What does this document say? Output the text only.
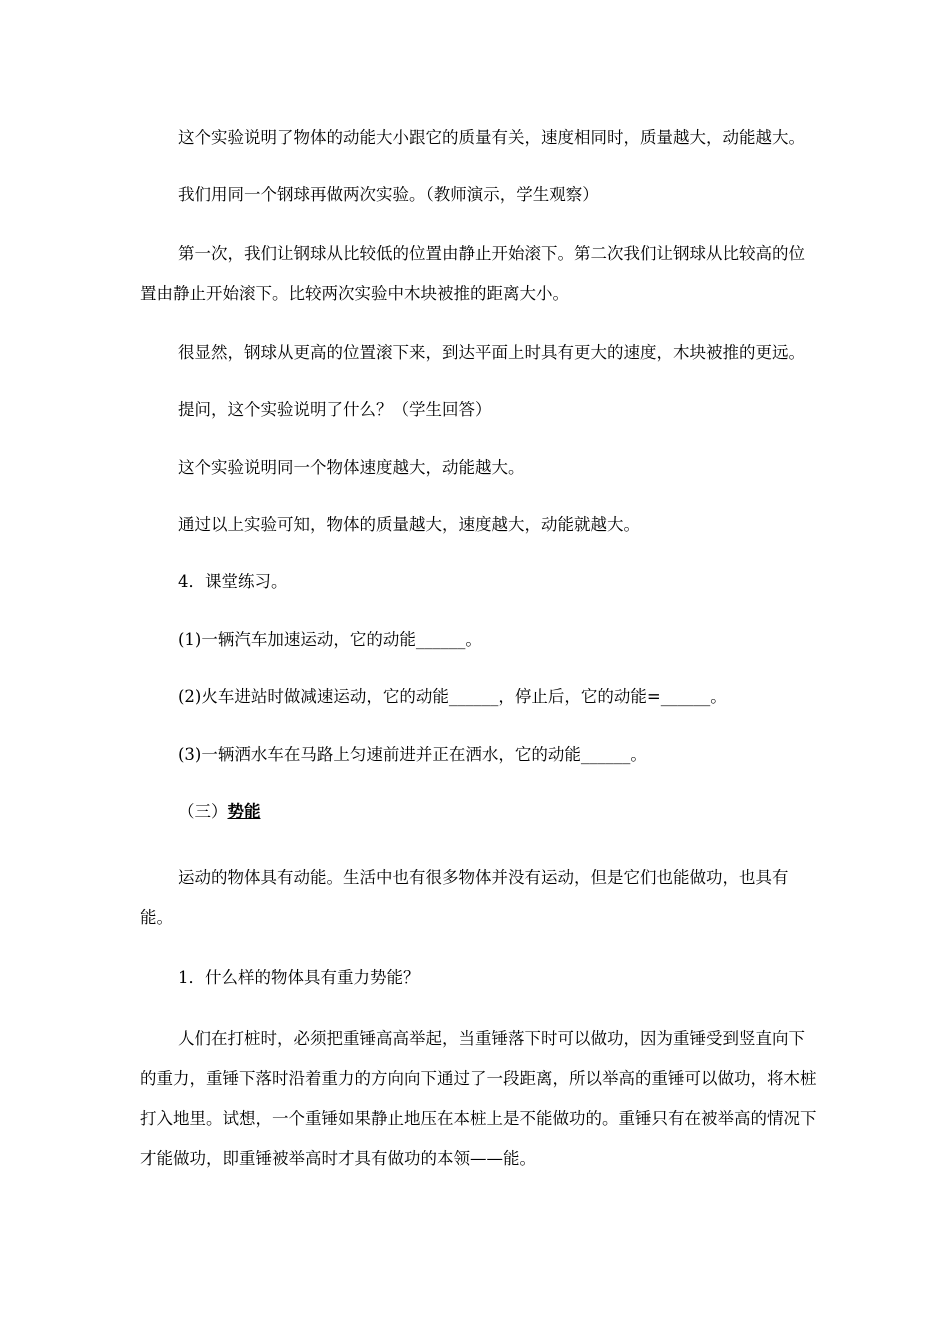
这个实验说明了物体的动能大小跟它的质量有关，速度相同时，质量越大，动能越大。
我们用同一个钢球再做两次实验。（教师演示，学生观察）
第一次，我们让钢球从比较低的位置由静止开始滚下。第二次我们让钢球从比较高的位置由静止开始滚下。比较两次实验中木块被推的距离大小。
很显然，钢球从更高的位置滚下来，到达平面上时具有更大的速度，木块被推的更远。
提问，这个实验说明了什么？（学生回答）
这个实验说明同一个物体速度越大，动能越大。
通过以上实验可知，物体的质量越大，速度越大，动能就越大。
4．课堂练习。
(1)一辆汽车加速运动，它的动能______。
(2)火车进站时做减速运动，它的动能______，停止后，它的动能=______。
(3)一辆洒水车在马路上匀速前进并正在洒水，它的动能______。
（三）势能
运动的物体具有动能。生活中也有很多物体并没有运动，但是它们也能做功，也具有能。
1．什么样的物体具有重力势能？
人们在打桩时，必须把重锤高高举起，当重锤落下时可以做功，因为重锤受到竖直向下的重力，重锤下落时沿着重力的方向向下通过了一段距离，所以举高的重锤可以做功，将木桩打入地里。试想，一个重锤如果静止地压在本桩上是不能做功的。重锤只有在被举高的情况下才能做功，即重锤被举高时才具有做功的本领——能。
